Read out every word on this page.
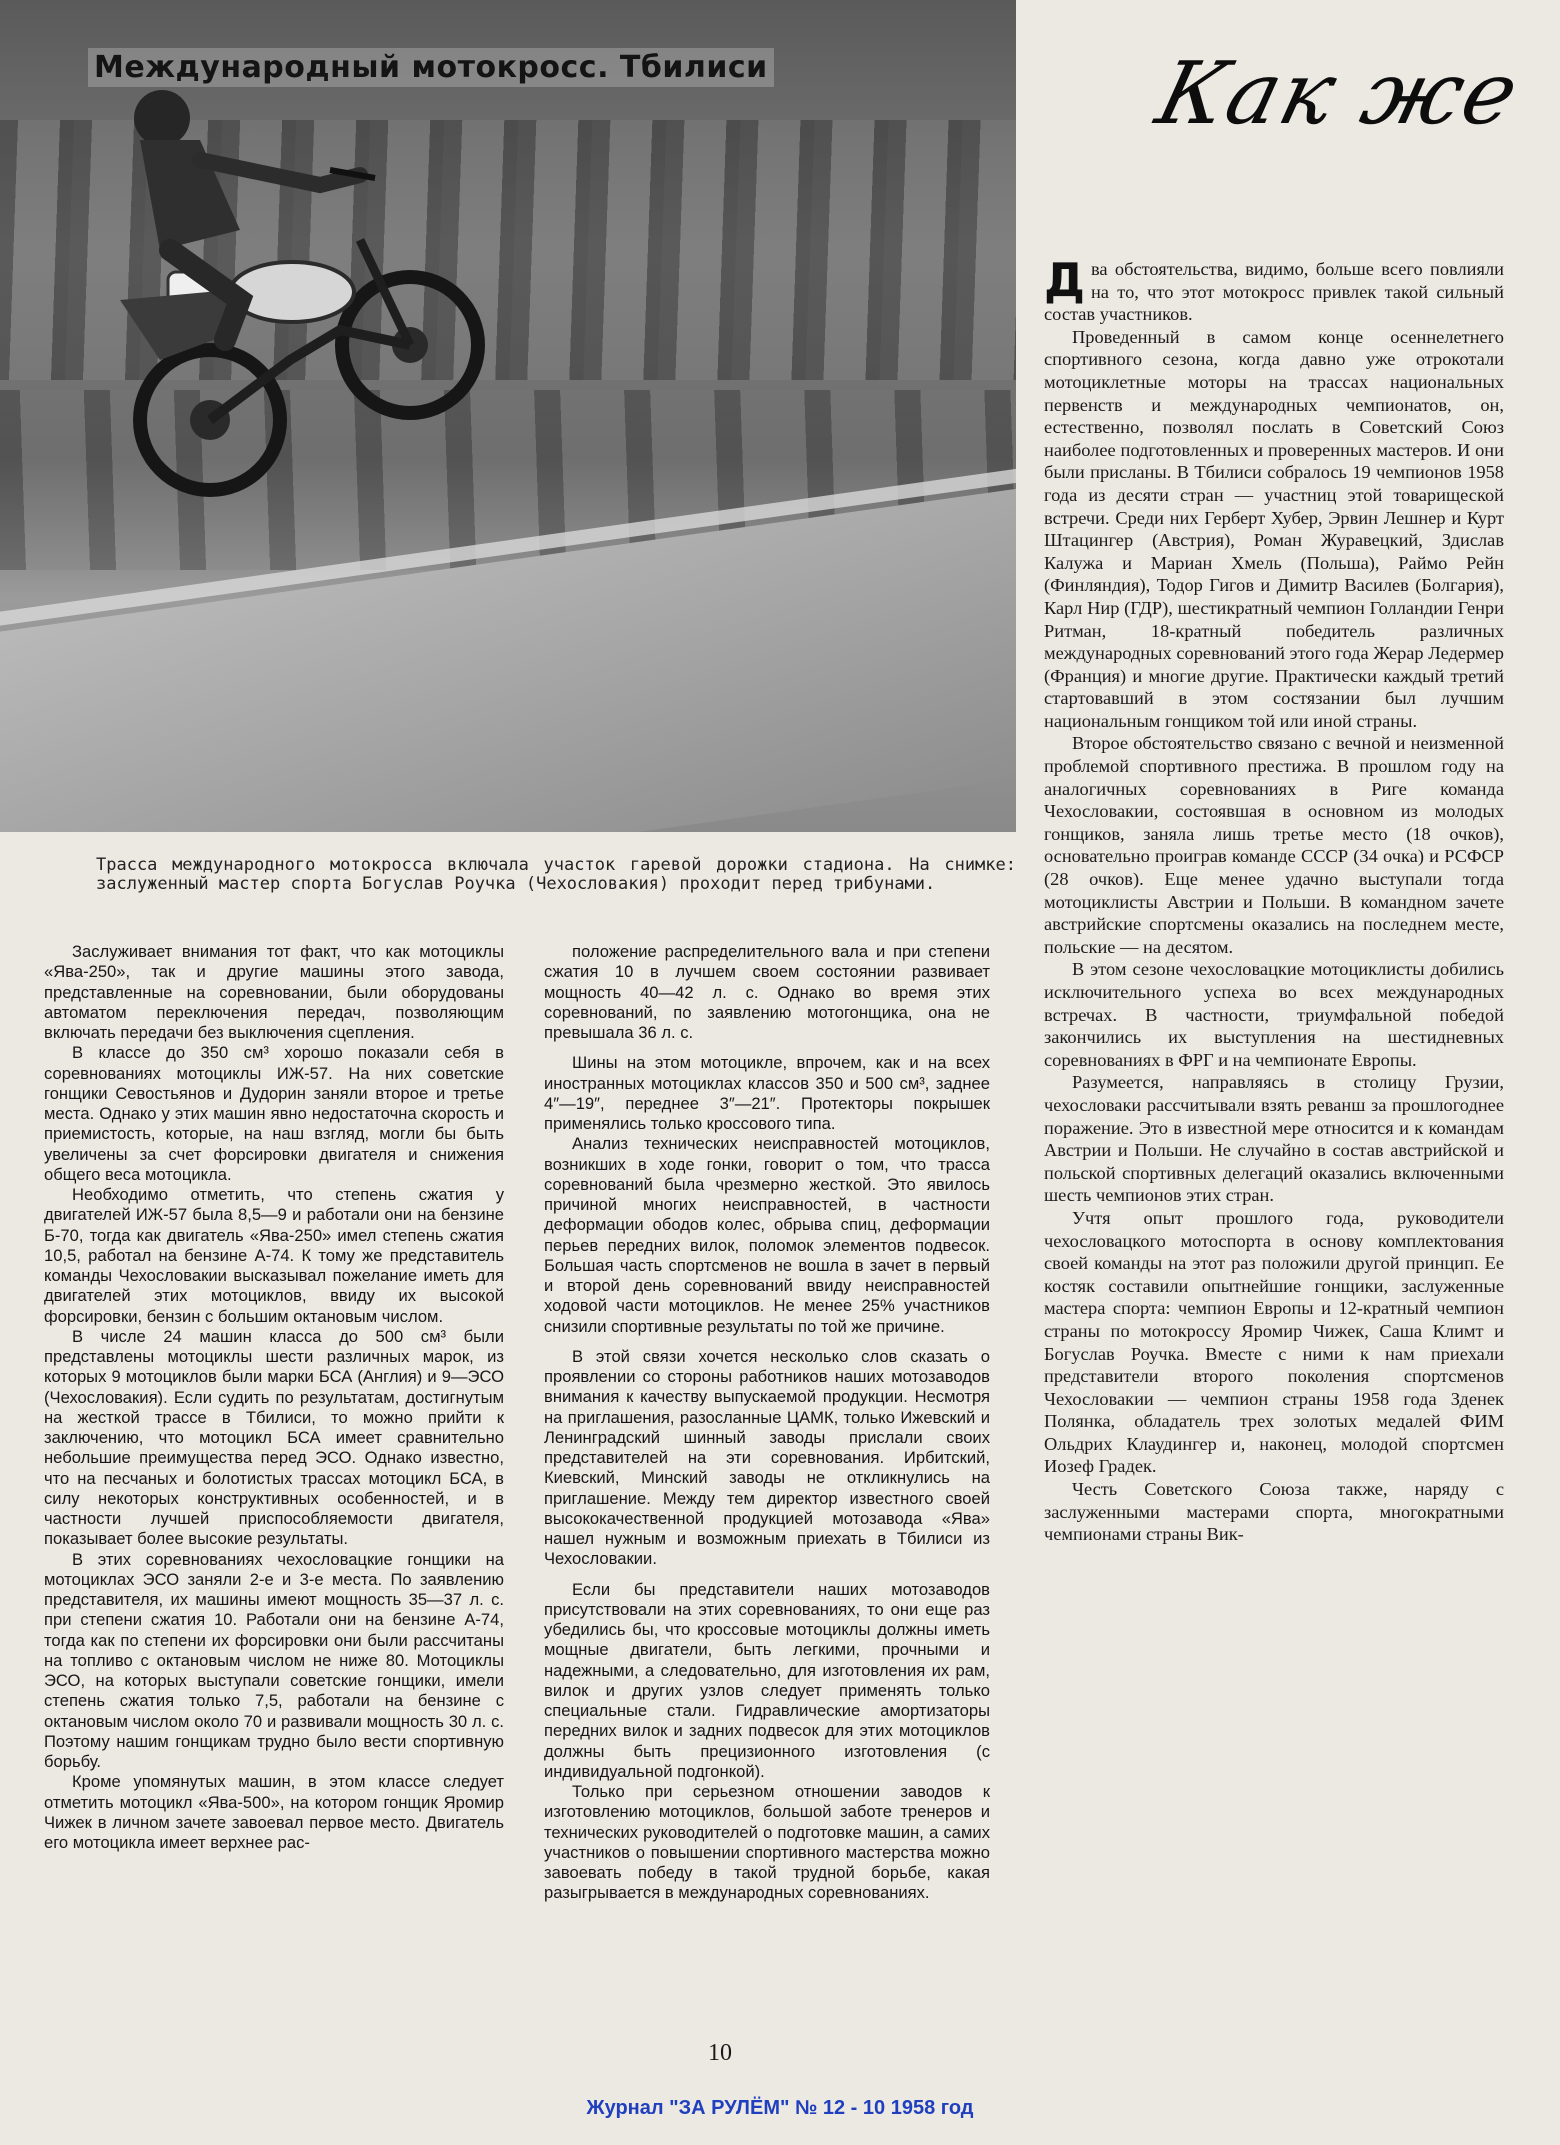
Международный мотокросс. Тбилиси	Как же
Трасса международного мотокросса включала участок гаревой дорожки стадиона. На снимке: заслуженный мастер спорта Богуслав Роучка (Чехословакия) проходит перед трибунами.

Заслуживает внимания тот факт, что как мотоциклы «Ява-250», так и другие машины этого завода, представленные на соревновании, были оборудованы автоматом переключения передач, позволяющим включать передачи без выключения сцепления.

В классе до 350 см³ хорошо показали себя в соревнованиях мотоциклы ИЖ-57. На них советские гонщики Севостьянов и Дудорин заняли второе и третье места. Однако у этих машин явно недостаточна скорость и приемистость, которые, на наш взгляд, могли бы быть увеличены за счет форсировки двигателя и снижения общего веса мотоцикла.

Необходимо отметить, что степень сжатия у двигателей ИЖ-57 была 8,5—9 и работали они на бензине Б-70, тогда как двигатель «Ява-250» имел степень сжатия 10,5, работал на бензине А-74. К тому же представитель команды Чехословакии высказывал пожелание иметь для двигателей этих мотоциклов, ввиду их высокой форсировки, бензин с большим октановым числом.

В числе 24 машин класса до 500 см³ были представлены мотоциклы шести различных марок, из которых 9 мотоциклов были марки БСА (Англия) и 9—ЭСО (Чехословакия). Если судить по результатам, достигнутым на жесткой трассе в Тбилиси, то можно прийти к заключению, что мотоцикл БСА имеет сравнительно небольшие преимущества перед ЭСО. Однако известно, что на песчаных и болотистых трассах мотоцикл БСА, в силу некоторых конструктивных особенностей, и в частности лучшей приспособляемости двигателя, показывает более высокие результаты.

В этих соревнованиях чехословацкие гонщики на мотоциклах ЭСО заняли 2-е и 3-е места. По заявлению представителя, их машины имеют мощность 35—37 л. с. при степени сжатия 10. Работали они на бензине А-74, тогда как по степени их форсировки они были рассчитаны на топливо с октановым числом не ниже 80. Мотоциклы ЭСО, на которых выступали советские гонщики, имели степень сжатия только 7,5, работали на бензине с октановым числом около 70 и развивали мощность 30 л. с. Поэтому нашим гонщикам трудно было вести спортивную борьбу.

Кроме упомянутых машин, в этом классе следует отметить мотоцикл «Ява-500», на котором гонщик Яромир Чижек в личном зачете завоевал первое место. Двигатель его мотоцикла имеет верхнее рас-

положение распределительного вала и при степени сжатия 10 в лучшем своем состоянии развивает мощность 40—42 л. с. Однако во время этих соревнований, по заявлению мотогонщика, она не превышала 36 л. с.

Шины на этом мотоцикле, впрочем, как и на всех иностранных мотоциклах классов 350 и 500 см³, заднее 4″—19″, переднее 3″—21″. Протекторы покрышек применялись только кроссового типа.

Анализ технических неисправностей мотоциклов, возникших в ходе гонки, говорит о том, что трасса соревнований была чрезмерно жесткой. Это явилось причиной многих неисправностей, в частности деформации ободов колес, обрыва спиц, деформации перьев передних вилок, поломок элементов подвесок. Большая часть спортсменов не вошла в зачет в первый и второй день соревнований ввиду неисправностей ходовой части мотоциклов. Не менее 25% участников снизили спортивные результаты по той же причине.

В этой связи хочется несколько слов сказать о проявлении со стороны работников наших мотозаводов внимания к качеству выпускаемой продукции. Несмотря на приглашения, разосланные ЦАМК, только Ижевский и Ленинградский шинный заводы прислали своих представителей на эти соревнования. Ирбитский, Киевский, Минский заводы не откликнулись на приглашение. Между тем директор известного своей высококачественной продукцией мотозавода «Ява» нашел нужным и возможным приехать в Тбилиси из Чехословакии.

Если бы представители наших мотозаводов присутствовали на этих соревнованиях, то они еще раз убедились бы, что кроссовые мотоциклы должны иметь мощные двигатели, быть легкими, прочными и надежными, а следовательно, для изготовления их рам, вилок и других узлов следует применять только специальные стали. Гидравлические амортизаторы передних вилок и задних подвесок для этих мотоциклов должны быть прецизионного изготовления (с индивидуальной подгонкой).

Только при серьезном отношении заводов к изготовлению мотоциклов, большой заботе тренеров и технических руководителей о подготовке машин, а самих участников о повышении спортивного мастерства можно завоевать победу в такой трудной борьбе, какая разыгрывается в международных соревнованиях.

Два обстоятельства, видимо, больше всего повлияли на то, что этот мотокросс привлек такой сильный состав участников.

Проведенный в самом конце осеннелетнего спортивного сезона, когда давно уже отрокотали мотоциклетные моторы на трассах национальных первенств и международных чемпионатов, он, естественно, позволял послать в Советский Союз наиболее подготовленных и проверенных мастеров. И они были присланы. В Тбилиси собралось 19 чемпионов 1958 года из десяти стран — участниц этой товарищеской встречи. Среди них Герберт Хубер, Эрвин Лешнер и Курт Штацингер (Австрия), Роман Журавецкий, Здислав Калужа и Мариан Хмель (Польша), Раймо Рейн (Финляндия), Тодор Гигов и Димитр Василев (Болгария), Карл Нир (ГДР), шестикратный чемпион Голландии Генри Ритман, 18-кратный победитель различных международных соревнований этого года Жерар Ледермер (Франция) и многие другие. Практически каждый третий стартовавший в этом состязании был лучшим национальным гонщиком той или иной страны.

Второе обстоятельство связано с вечной и неизменной проблемой спортивного престижа. В прошлом году на аналогичных соревнованиях в Риге команда Чехословакии, состоявшая в основном из молодых гонщиков, заняла лишь третье место (18 очков), основательно проиграв команде СССР (34 очка) и РСФСР (28 очков). Еще менее удачно выступали тогда мотоциклисты Австрии и Польши. В командном зачете австрийские спортсмены оказались на последнем месте, польские — на десятом.

В этом сезоне чехословацкие мотоциклисты добились исключительного успеха во всех международных встречах. В частности, триумфальной победой закончились их выступления на шестидневных соревнованиях в ФРГ и на чемпионате Европы.

Разумеется, направляясь в столицу Грузии, чехословаки рассчитывали взять реванш за прошлогоднее поражение. Это в известной мере относится и к командам Австрии и Польши. Не случайно в состав австрийской и польской спортивных делегаций оказались включенными шесть чемпионов этих стран.

Учтя опыт прошлого года, руководители чехословацкого мотоспорта в основу комплектования своей команды на этот раз положили другой принцип. Ее костяк составили опытнейшие гонщики, заслуженные мастера спорта: чемпион Европы и 12-кратный чемпион страны по мотокроссу Яромир Чижек, Саша Климт и Богуслав Роучка. Вместе с ними к нам приехали представители второго поколения спортсменов Чехословакии — чемпион страны 1958 года Зденек Полянка, обладатель трех золотых медалей ФИМ Ольдрих Клаудингер и, наконец, молодой спортсмен Иозеф Градек.

Честь Советского Союза также, наряду с заслуженными мастерами спорта, многократными чемпионами страны Вик-

10
Журнал "ЗА РУЛЁМ" № 12 - 10 1958 год
